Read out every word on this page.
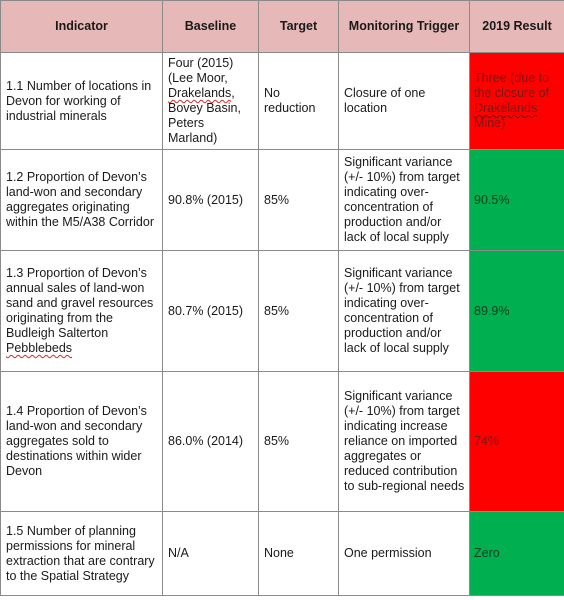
Indicator	Baseline	Target	Monitoring Trigger	2019 Result
1.1 Number of locations in Devon for working of industrial minerals	Four (2015) (Lee Moor, Drakelands, Bovey Basin, Peters Marland)	No reduction	Closure of one location	Three (due to the closure of Drakelands Mine)
1.2 Proportion of Devon’s land-won and secondary aggregates originating within the M5/A38 Corridor	90.8% (2015)	85%	Significant variance (+/- 10%) from target indicating over-concentration of production and/or lack of local supply	90.5%
1.3 Proportion of Devon’s annual sales of land-won sand and gravel resources originating from the Budleigh Salterton Pebblebeds	80.7% (2015)	85%	Significant variance (+/- 10%) from target indicating over-concentration of production and/or lack of local supply	89.9%
1.4 Proportion of Devon’s land-won and secondary aggregates sold to destinations within wider Devon	86.0% (2014)	85%	Significant variance (+/- 10%) from target indicating increase reliance on imported aggregates or reduced contribution to sub-regional needs	74%
1.5 Number of planning permissions for mineral extraction that are contrary to the Spatial Strategy	N/A	None	One permission	Zero
